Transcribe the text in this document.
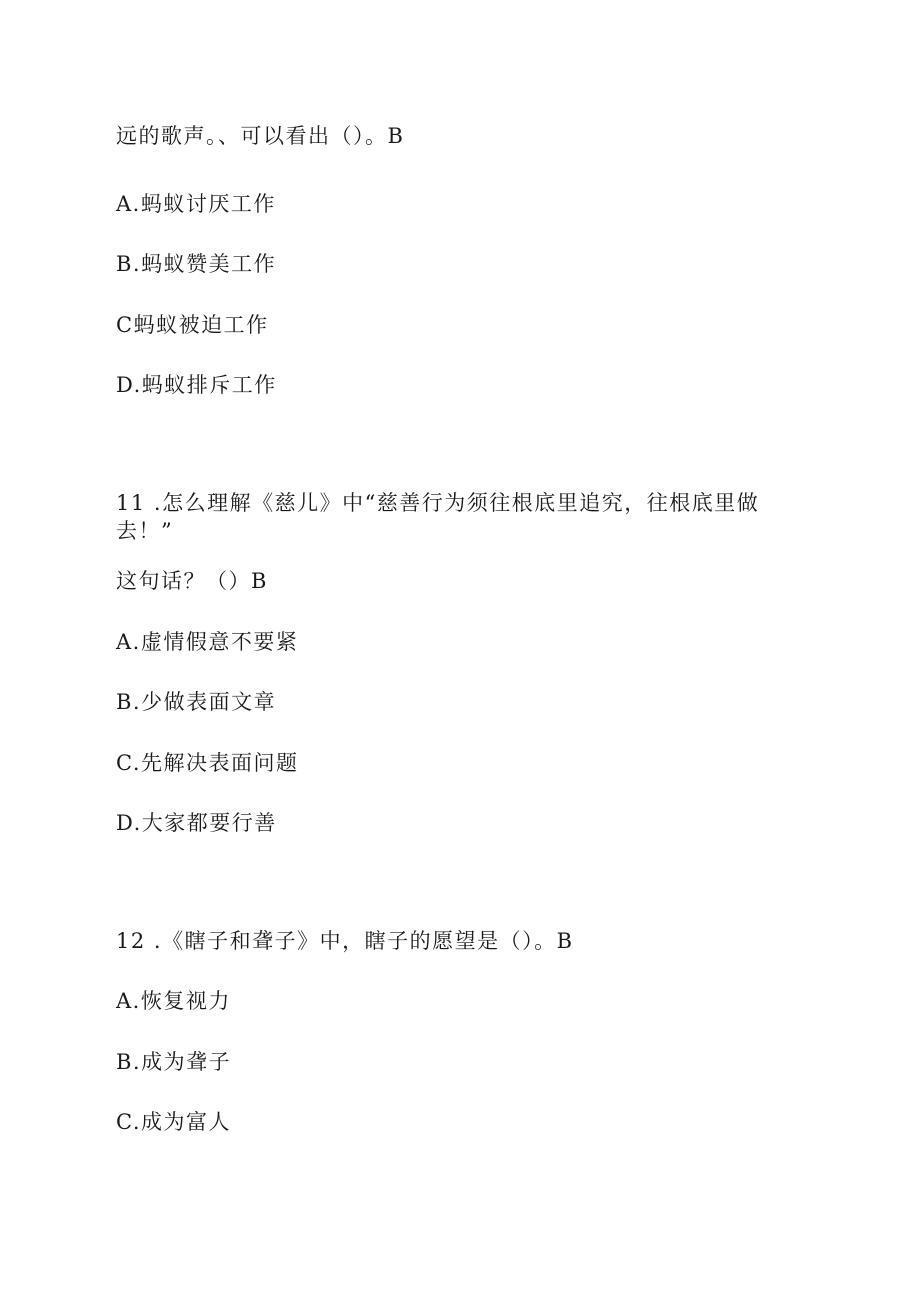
远的歌声。、可以看出（）。B

A.蚂蚁讨厌工作

B.蚂蚁赞美工作

C蚂蚁被迫工作

D.蚂蚁排斥工作

11 .怎么理解《慈儿》中“慈善行为须往根底里追究，往根底里做

去！”

这句话？（）B

A.虚情假意不要紧

B.少做表面文章

C.先解决表面问题

D.大家都要行善

12 .《瞎子和聋子》中，瞎子的愿望是（）。B

A.恢复视力

B.成为聋子

C.成为富人
